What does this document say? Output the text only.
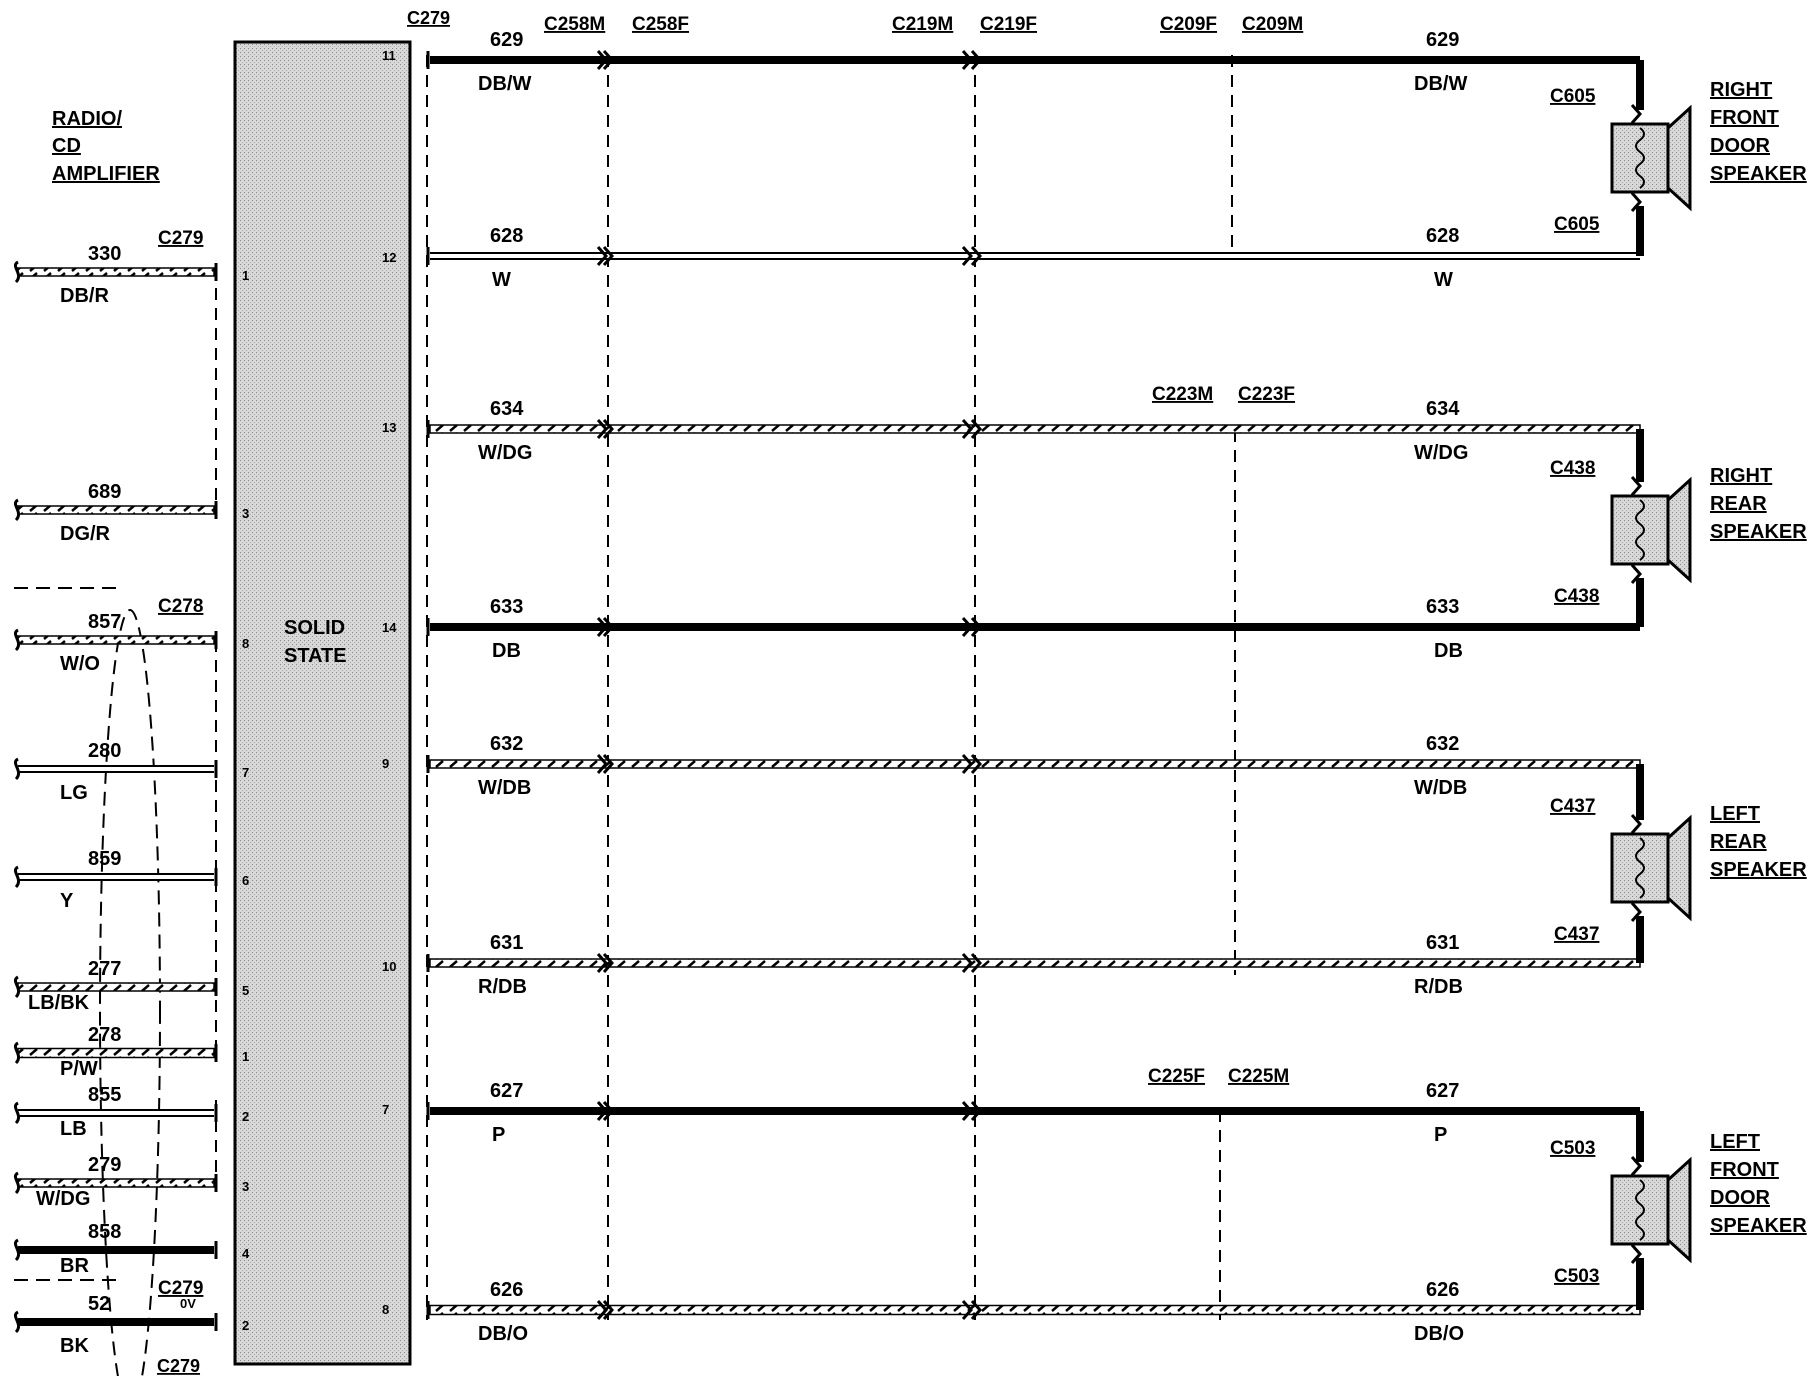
RADIO/
CD
AMPLIFIER
SOLID
STATE
C279
C279
330
DB/R
1
C279
689
DG/R
3
857
W/O
8
C278
280
LG
7
859
Y
6
277
LB/BK
5
278
P/W
1
855
LB
2
279
W/DG
3
858
BR
4
52
BK
2
C279
0V
629
DB/W
629
DB/W
11
628
W
628
W
12
634
W/DG
634
W/DG
13
633
DB
633
DB
14
632
W/DB
632
W/DB
9
631
R/DB
631
R/DB
10
627
P
627
P
7
626
DB/O
626
DB/O
8
C605
C605
RIGHT
FRONT
DOOR
SPEAKER
C438
C438
RIGHT
REAR
SPEAKER
C437
C437
LEFT
REAR
SPEAKER
C503
C503
LEFT
FRONT
DOOR
SPEAKER
C258M C258F	C219M C219F	C209F C209M
C223M C223F
C225F C225M
